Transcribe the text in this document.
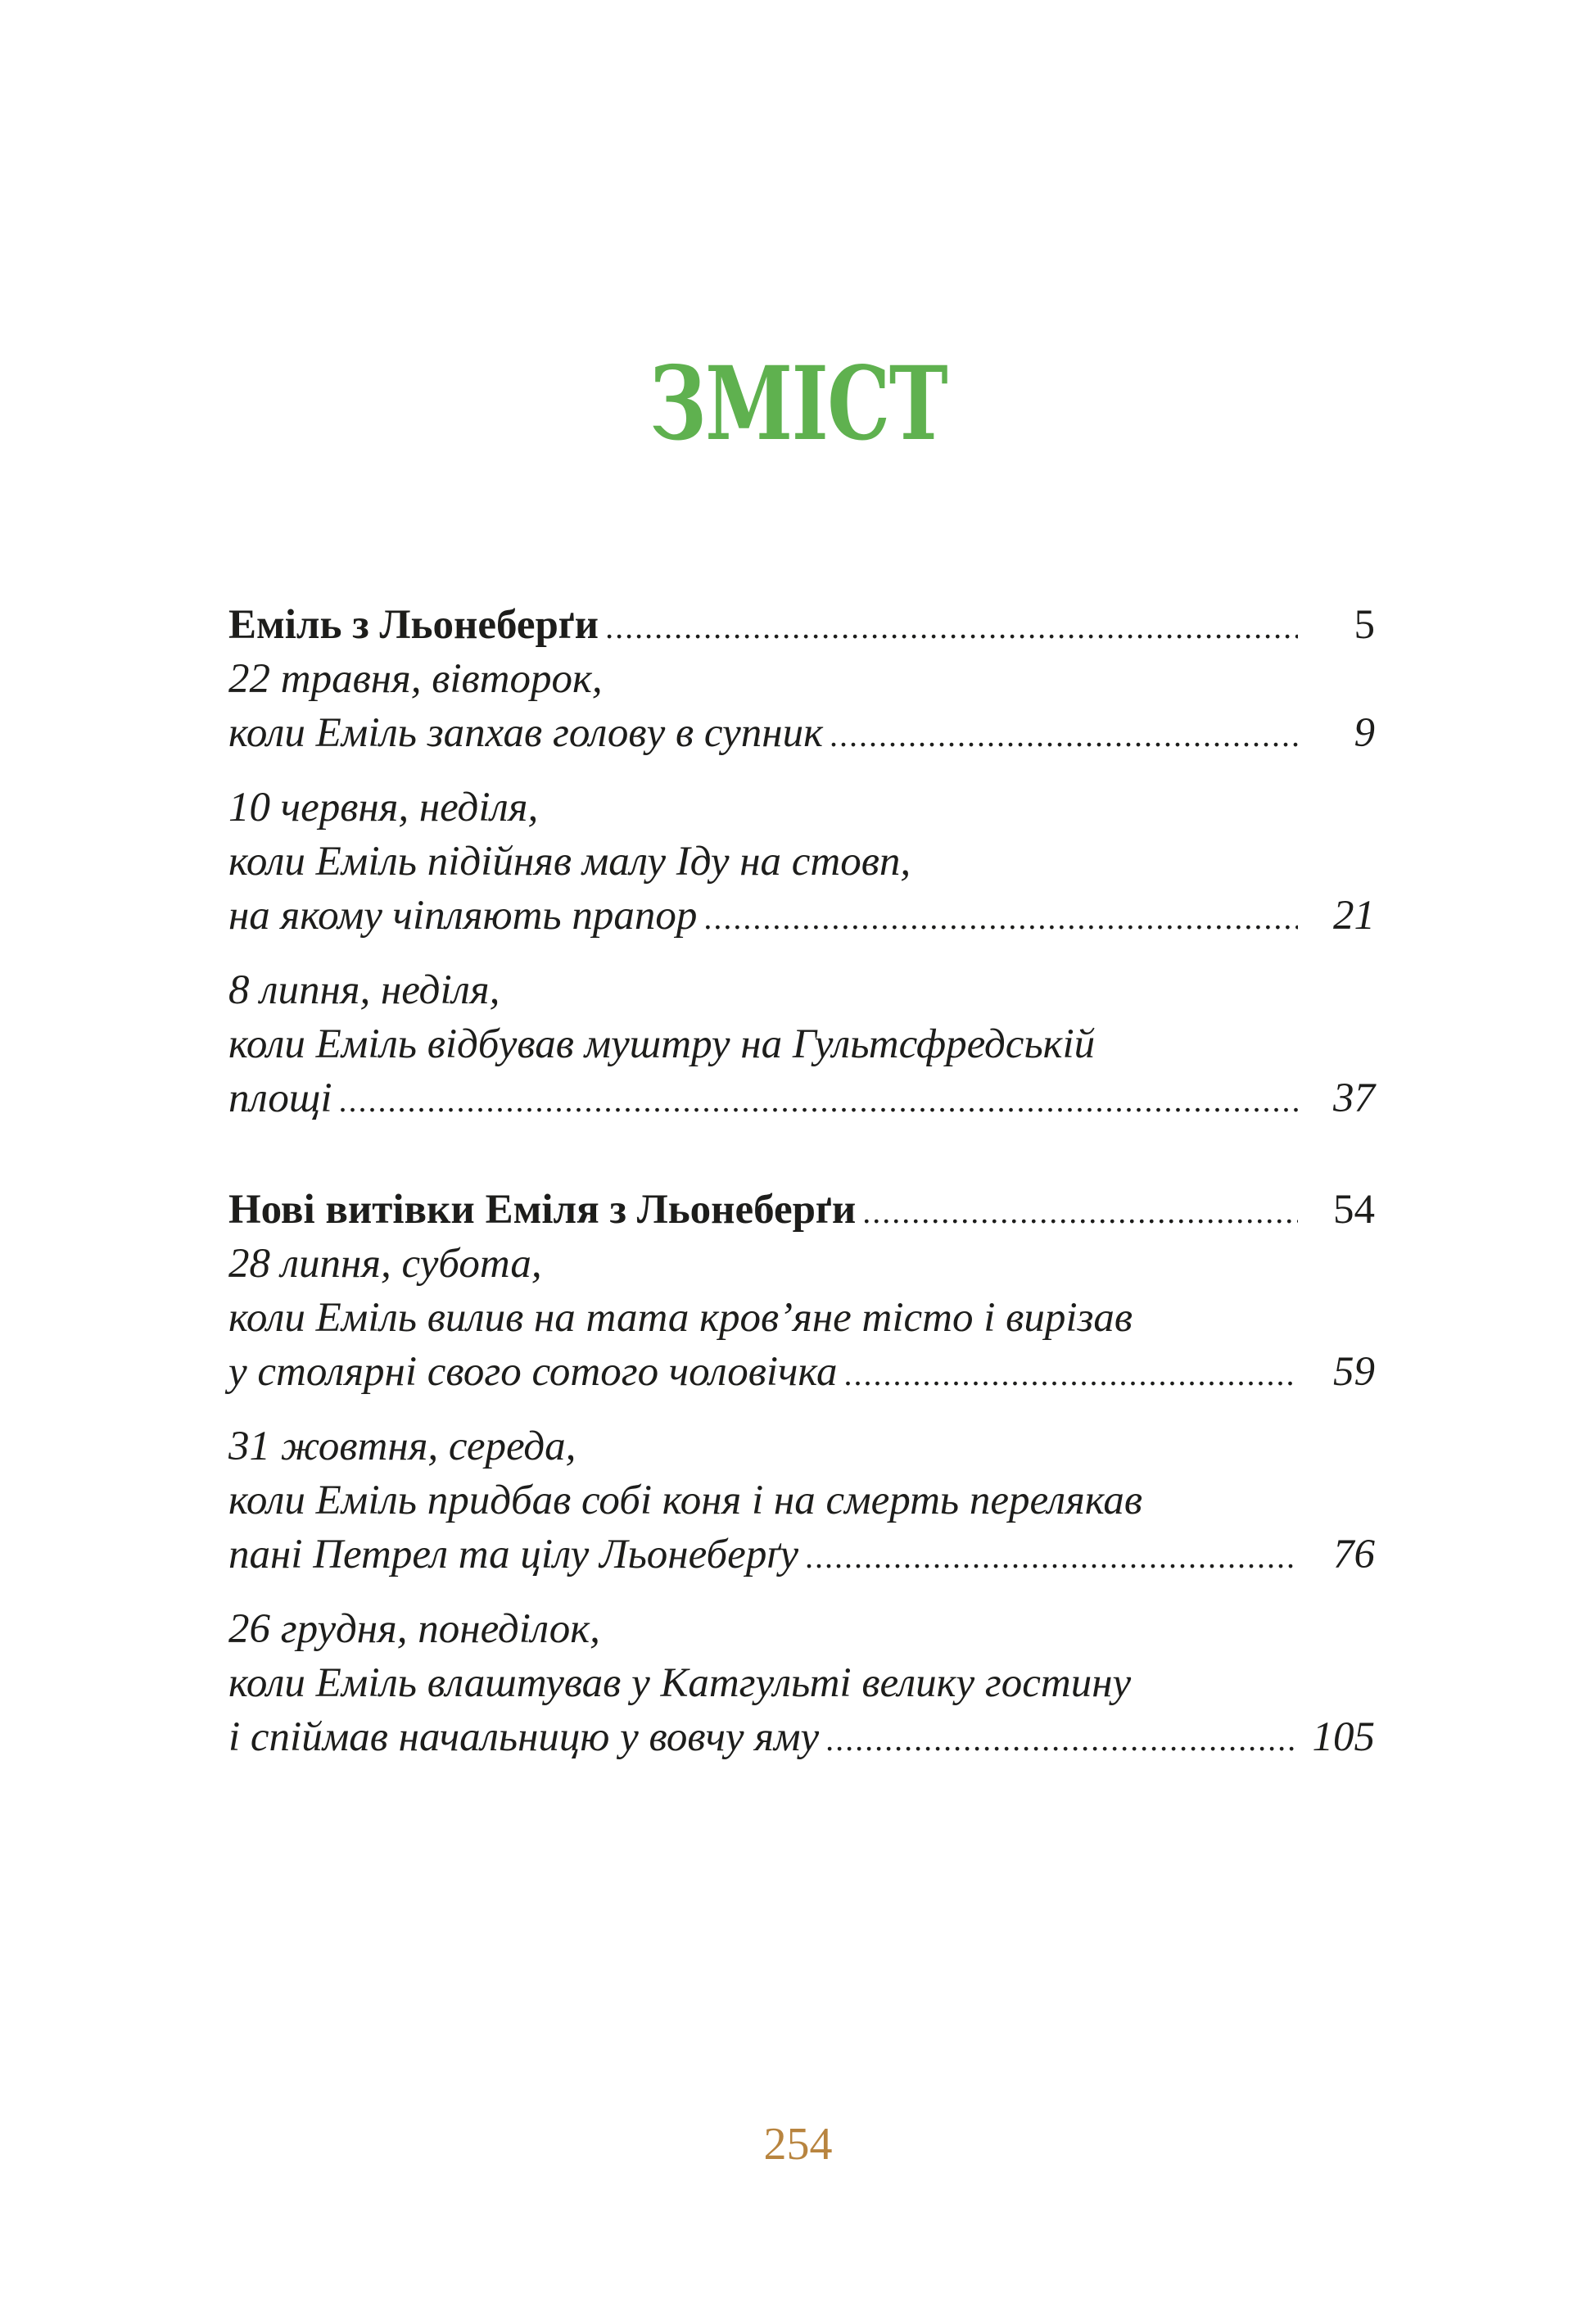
ЗМІСТ
Еміль з Льонеберґи .....	5
22 травня, вівторок,
коли Еміль запхав голову в супник .....	9
10 червня, неділя,
коли Еміль підійняв малу Іду на стовп,
на якому чіпляють прапор .....	21
8 липня, неділя,
коли Еміль відбував муштру на Гультсфредській
площі .....	37
Нові витівки Еміля з Льонеберґи .....	54
28 липня, субота,
коли Еміль вилив на тата кров’яне тісто і вирізав
у столярні свого сотого чоловічка .....	59
31 жовтня, середа,
коли Еміль придбав собі коня і на смерть перелякав
пані Петрел та цілу Льонеберґу .....	76
26 грудня, понеділок,
коли Еміль влаштував у Катгульті велику гостину
і спіймав начальницю у вовчу яму .....	105
254
